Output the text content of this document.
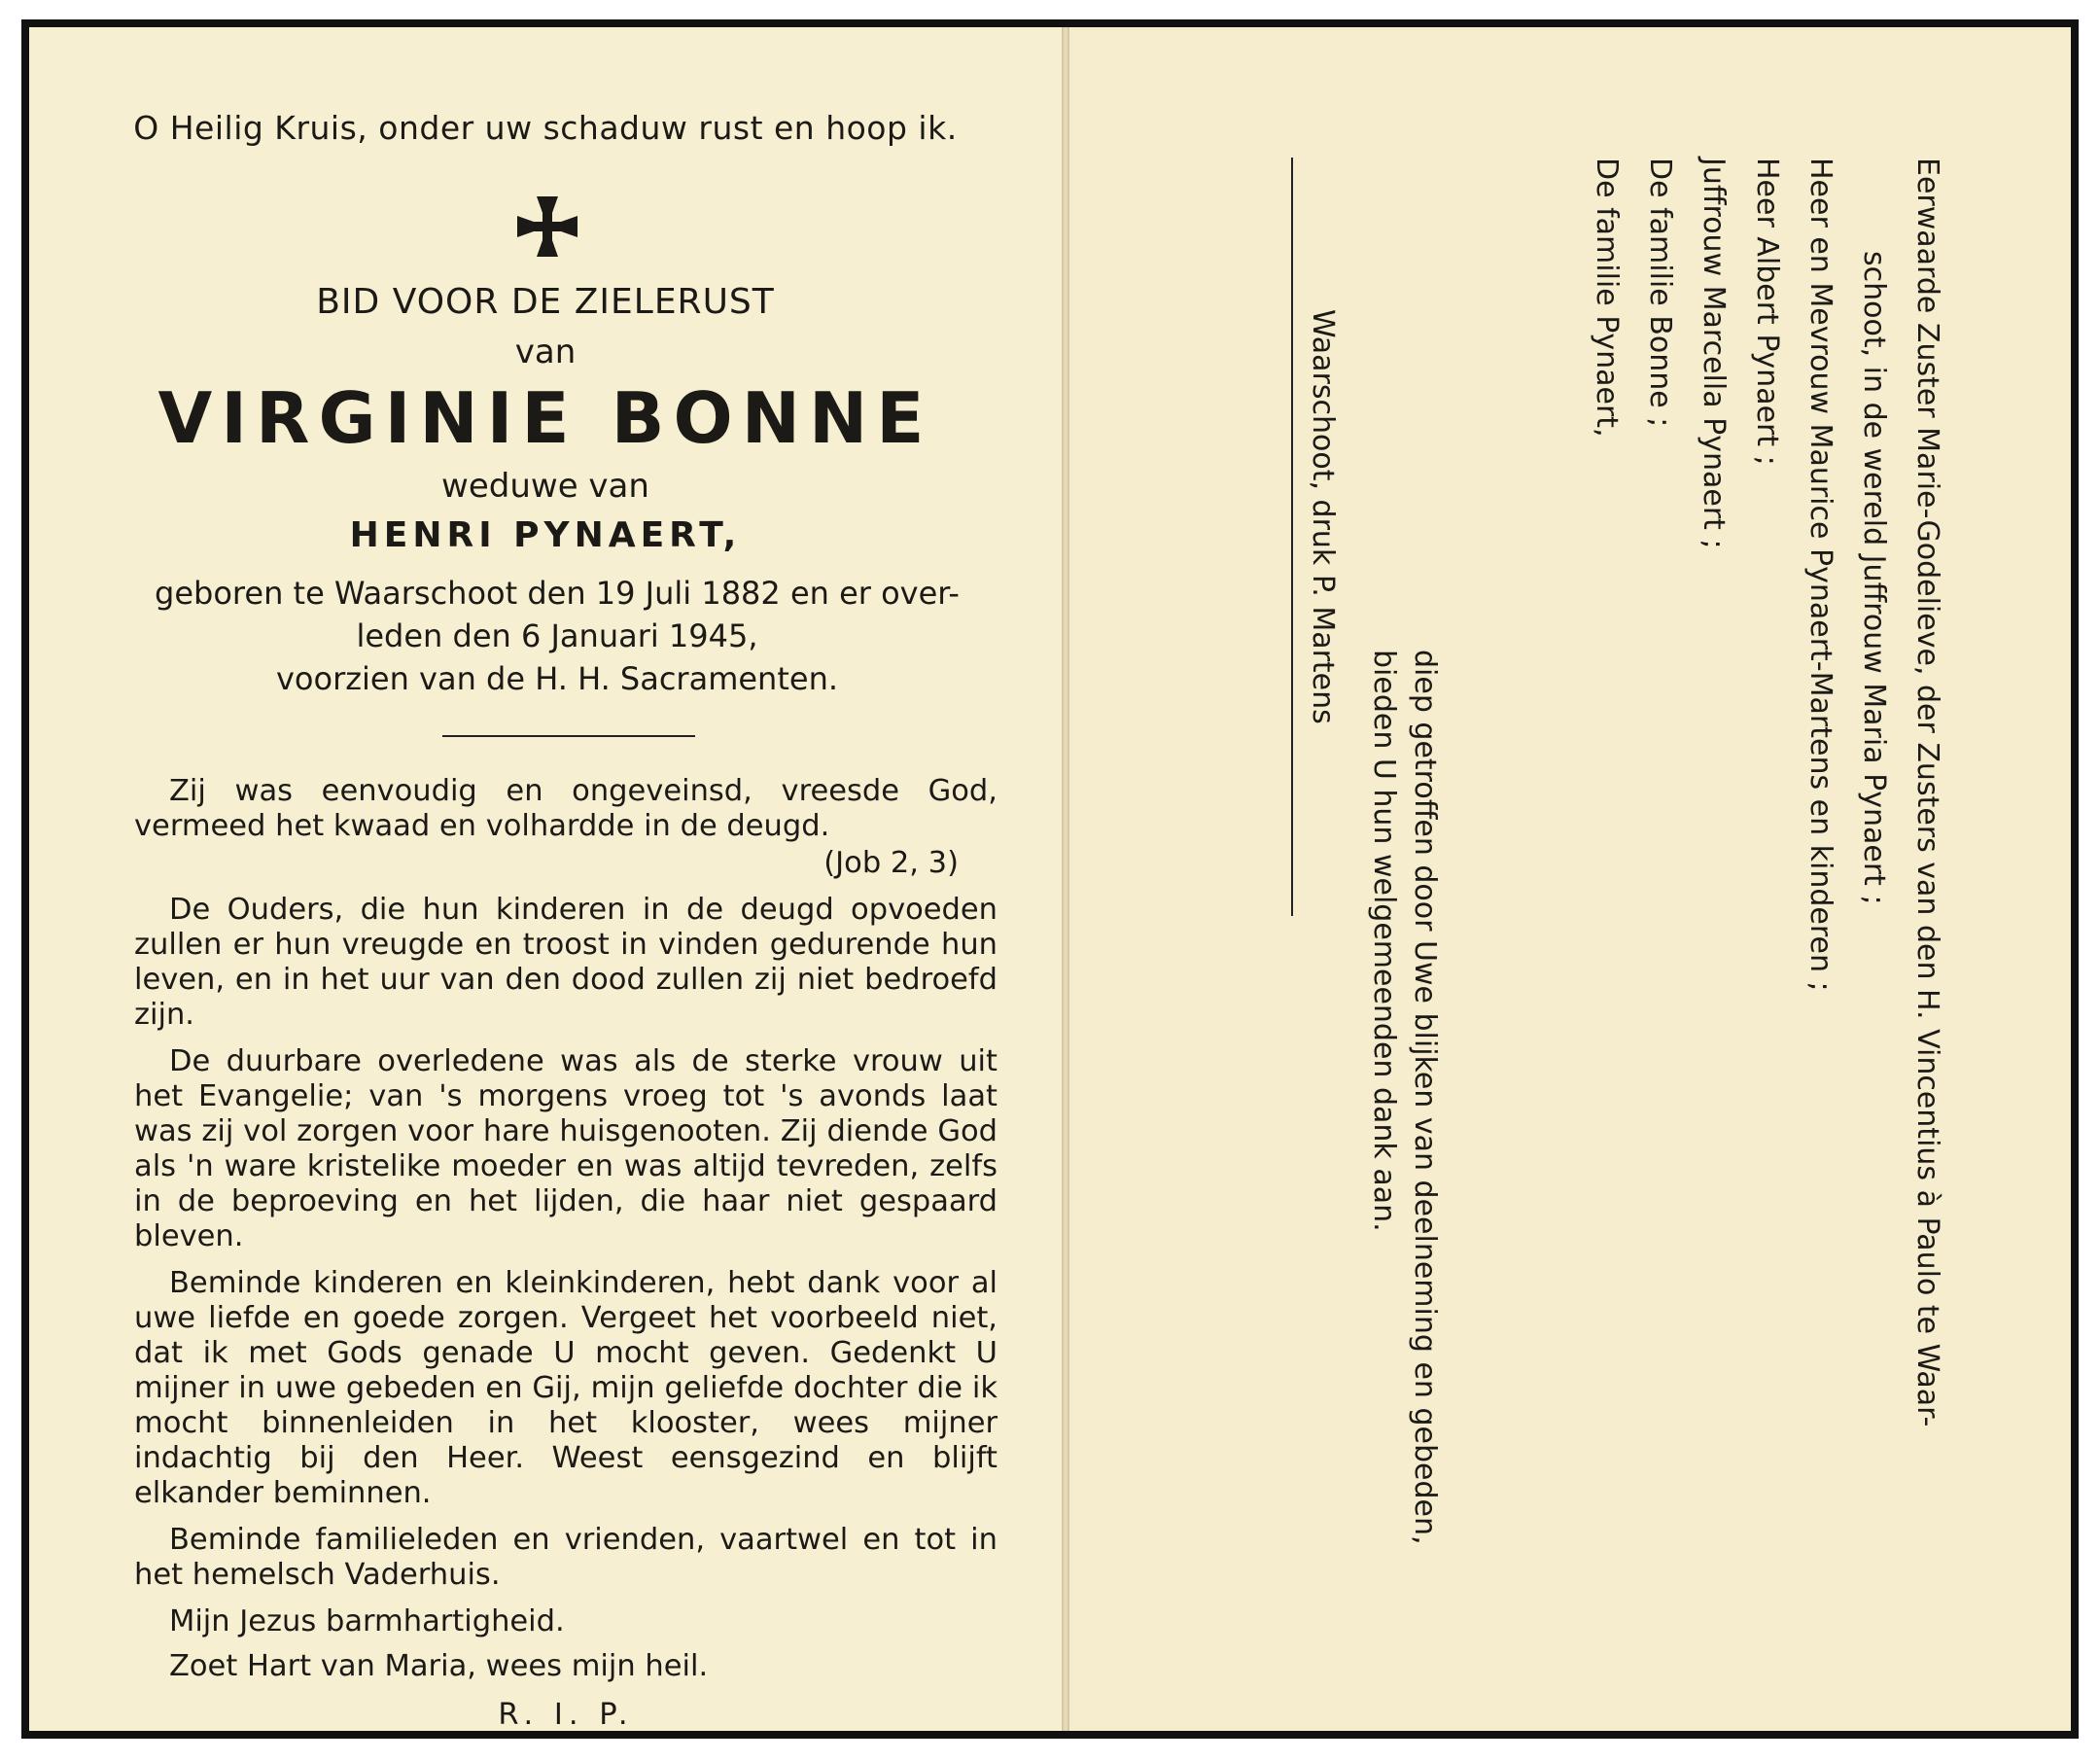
O Heilig Kruis, onder uw schaduw rust en hoop ik.

BID VOOR DE ZIELERUST

van

VIRGINIE BONNE

weduwe van

HENRI PYNAERT,

geboren te Waarschoot den 19 Juli 1882 en er over- leden den 6 Januari 1945,
voorzien van de H. H. Sacramenten.

Zij was eenvoudig en ongeveinsd, vreesde God, vermeed het kwaad en volhardde in de deugd.

(Job 2, 3)

De Ouders, die hun kinderen in de deugd opvoeden zullen er hun vreugde en troost in vinden gedurende hun leven, en in het uur van den dood zullen zij niet bedroefd zijn.

De duurbare overledene was als de sterke vrouw uit het Evangelie; van 's morgens vroeg tot 's avonds laat was zij vol zorgen voor hare huisgenooten. Zij diende God als 'n ware kristelike moeder en was altijd tevreden, zelfs in de beproeving en het lijden, die haar niet gespaard bleven.

Beminde kinderen en kleinkinderen, hebt dank voor al uwe liefde en goede zorgen. Vergeet het voorbeeld niet, dat ik met Gods genade U mocht geven. Gedenkt U mijner in uwe gebeden en Gij, mijn geliefde dochter die ik mocht binnenleiden in het klooster, wees mijner indachtig bij den Heer. Weest eensgezind en blijft elkander beminnen.

Beminde familieleden en vrienden, vaartwel en tot in het hemelsch Vaderhuis.

Mijn Jezus barmhartigheid.

Zoet Hart van Maria, wees mijn heil.

R. I. P.

Eerwaarde Zuster Marie-Godelieve, der Zusters van den H. Vincentius à Paulo te Waar-
schoot, in de wereld Juffrouw Maria Pynaert ;
Heer en Mevrouw Maurice Pynaert-Martens en kinderen ;
Heer Albert Pynaert ;
Juffrouw Marcella Pynaert ;
De familie Bonne ;
De familie Pynaert,
diep getroffen door Uwe blijken van deelneming en gebeden,
bieden U hun welgemeenden dank aan.
Waarschoot, druk P. Martens
